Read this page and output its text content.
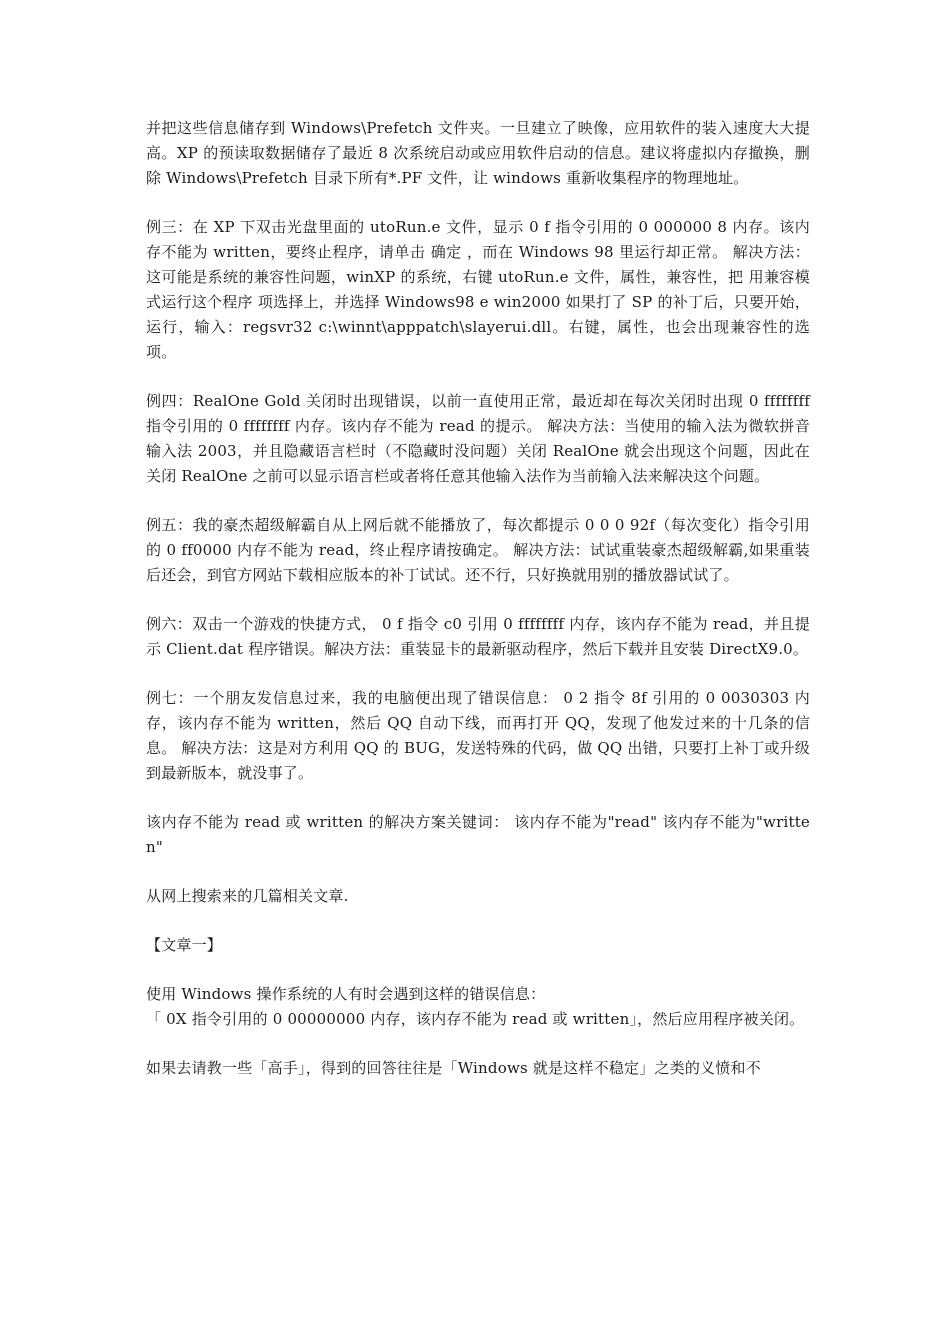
并把这些信息储存到 Windows\Prefetch 文件夹。一旦建立了映像，应用软件的装入速度大大提高。XP 的预读取数据储存了最近 8 次系统启动或应用软件启动的信息。建议将虚拟内存撤换，删除 Windows\Prefetch 目录下所有*.PF 文件，让 windows 重新收集程序的物理地址。

例三：在 XP 下双击光盘里面的 utoRun.e 文件，显示 0 f 指令引用的 0 000000 8 内存。该内存不能为 written，要终止程序，请单击 确定 ，而在 Windows 98 里运行却正常。 解决方法：这可能是系统的兼容性问题，winXP 的系统，右键 utoRun.e 文件，属性，兼容性，把 用兼容模式运行这个程序 项选择上，并选择 Windows98 e win2000 如果打了 SP 的补丁后，只要开始，运行，输入：regsvr32 c:\winnt\apppatch\slayerui.dll。右键，属性，也会出现兼容性的选项。

例四：RealOne Gold 关闭时出现错误，以前一直使用正常，最近却在每次关闭时出现 0 ffffffff 指令引用的 0 ffffffff 内存。该内存不能为 read 的提示。 解决方法：当使用的输入法为微软拼音输入法 2003，并且隐藏语言栏时（不隐藏时没问题）关闭 RealOne 就会出现这个问题，因此在关闭 RealOne 之前可以显示语言栏或者将任意其他输入法作为当前输入法来解决这个问题。

例五：我的豪杰超级解霸自从上网后就不能播放了，每次都提示 0 0 0 92f（每次变化）指令引用的 0 ff0000 内存不能为 read，终止程序请按确定。 解决方法：试试重装豪杰超级解霸,如果重装后还会，到官方网站下载相应版本的补丁试试。还不行，只好换就用别的播放器试试了。

例六：双击一个游戏的快捷方式， 0 f 指令 c0 引用 0 ffffffff 内存，该内存不能为 read，并且提示 Client.dat 程序错误。解决方法：重装显卡的最新驱动程序，然后下载并且安装 DirectX9.0。

例七：一个朋友发信息过来，我的电脑便出现了错误信息： 0 2 指令 8f 引用的 0 0030303 内存，该内存不能为 written，然后 QQ 自动下线，而再打开 QQ，发现了他发过来的十几条的信息。 解决方法：这是对方利用 QQ 的 BUG，发送特殊的代码，做 QQ 出错，只要打上补丁或升级到最新版本，就没事了。

该内存不能为 read 或 written 的解决方案关键词： 该内存不能为"read" 该内存不能为"written"

从网上搜索来的几篇相关文章.

【文章一】

使用 Windows 操作系统的人有时会遇到这样的错误信息：

「 0X 指令引用的 0 00000000 内存，该内存不能为 read 或 written」，然后应用程序被关闭。

如果去请教一些「高手」，得到的回答往往是「Windows 就是这样不稳定」之类的义愤和不
